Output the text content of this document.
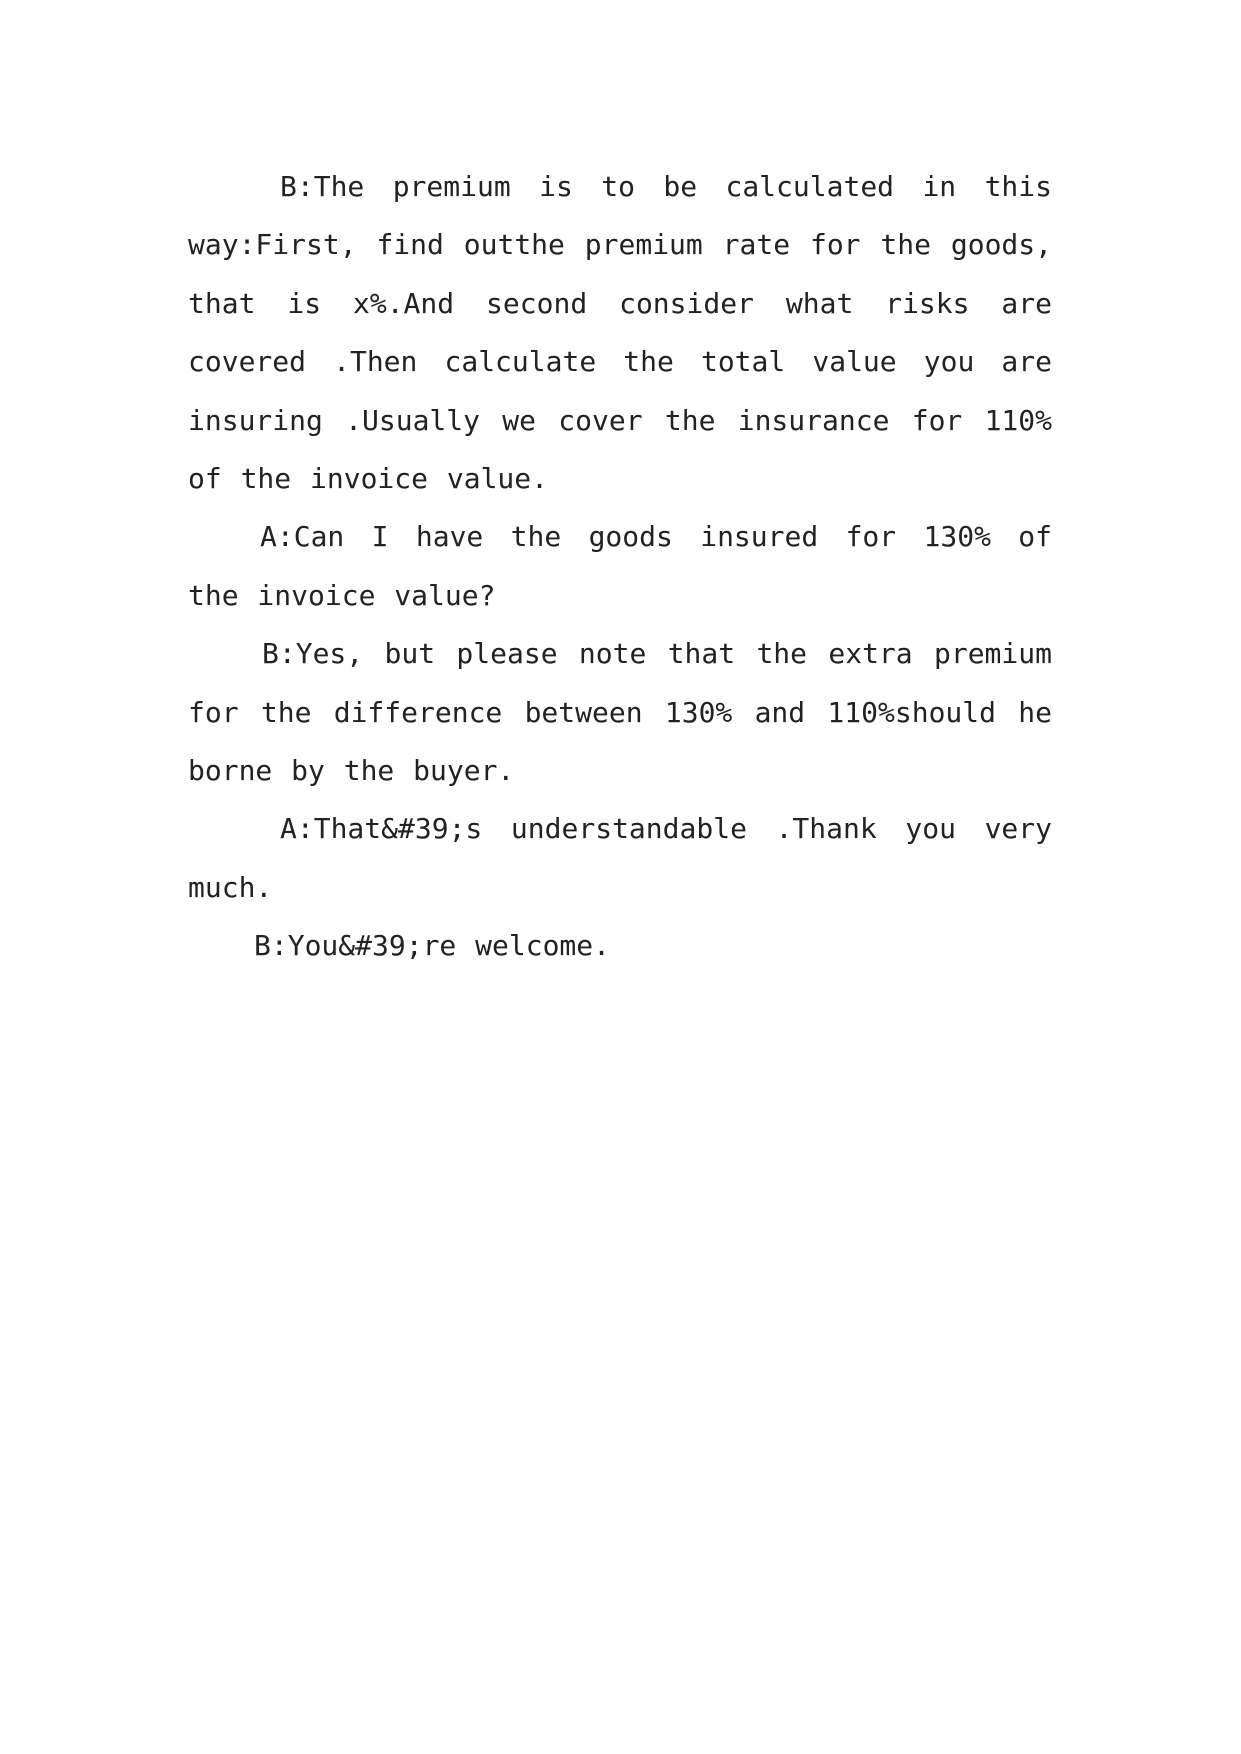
B:The premium is to be calculated in this way:First, find outthe premium rate for the goods, that is x%.And second consider what risks are covered .Then calculate the total value you are insuring .Usually we cover the insurance for 110% of the invoice value.

A:Can I have the goods insured for 130% of the invoice value?

B:Yes, but please note that the extra premium for the difference between 130% and 110%should he borne by the buyer.

A:That&#39;s understandable .Thank you very much.

B:You&#39;re welcome.
